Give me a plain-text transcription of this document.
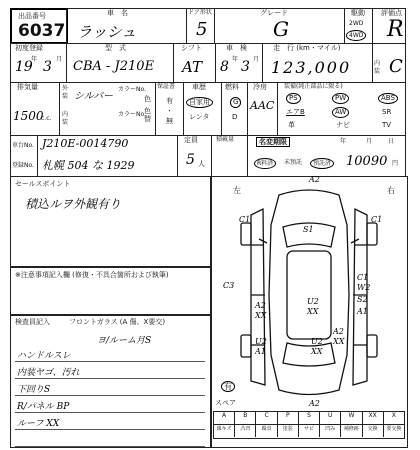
出品番号
6037
車　名
ラッシュ
ドア形状
5
グレード
G
駆動
2WD
4WD
評価点
R
初度登録
19
年 3 月
型　式
CBA - J210E
シフト
AT
車　検
8 年 3 月
走　行 (km・マイル)
123,000	内装 C
排気量
1500
c.c.
外
装 シルバー
カラーNo.
内
装
カラーNo.
色
色替
保証書
有
・
無
車歴
自家用
レンタ
燃料
G
D
冷房
AAC
装備(純正部品に限る)
PS	PW	ABS
エアB	AW	SR
革	ナビ	TV
車台No.
登録No.
J210E-0014790
札幌 504 な 1929
定員
5 人
積載量	名変期限	年	月	日
R料済	未預託	預託済 10090 円
セールスポイント
積込ルヲ外観有り
※注意事項記入欄 (修復・不具合箇所および執筆)
検査員記入	フロントガラス (A 傷、X要交)
ヨ/ルーム月S
ハンドルスレ
内装ヤゴ、汚れ
下回りS
R/パネル BP
ルーフ XX
左	右
A2
C1	C1
S1
C3
A2
XX
U2
XX
C1
W2
U2
A1
A1
S2
U2
XX
A2
XX
有
スペア	A2
A	B	C	P	S	U	W	XX	X
線キズ	凸凹	腐食	塗装	サビ	凹み	補修跡	交換	要交換
